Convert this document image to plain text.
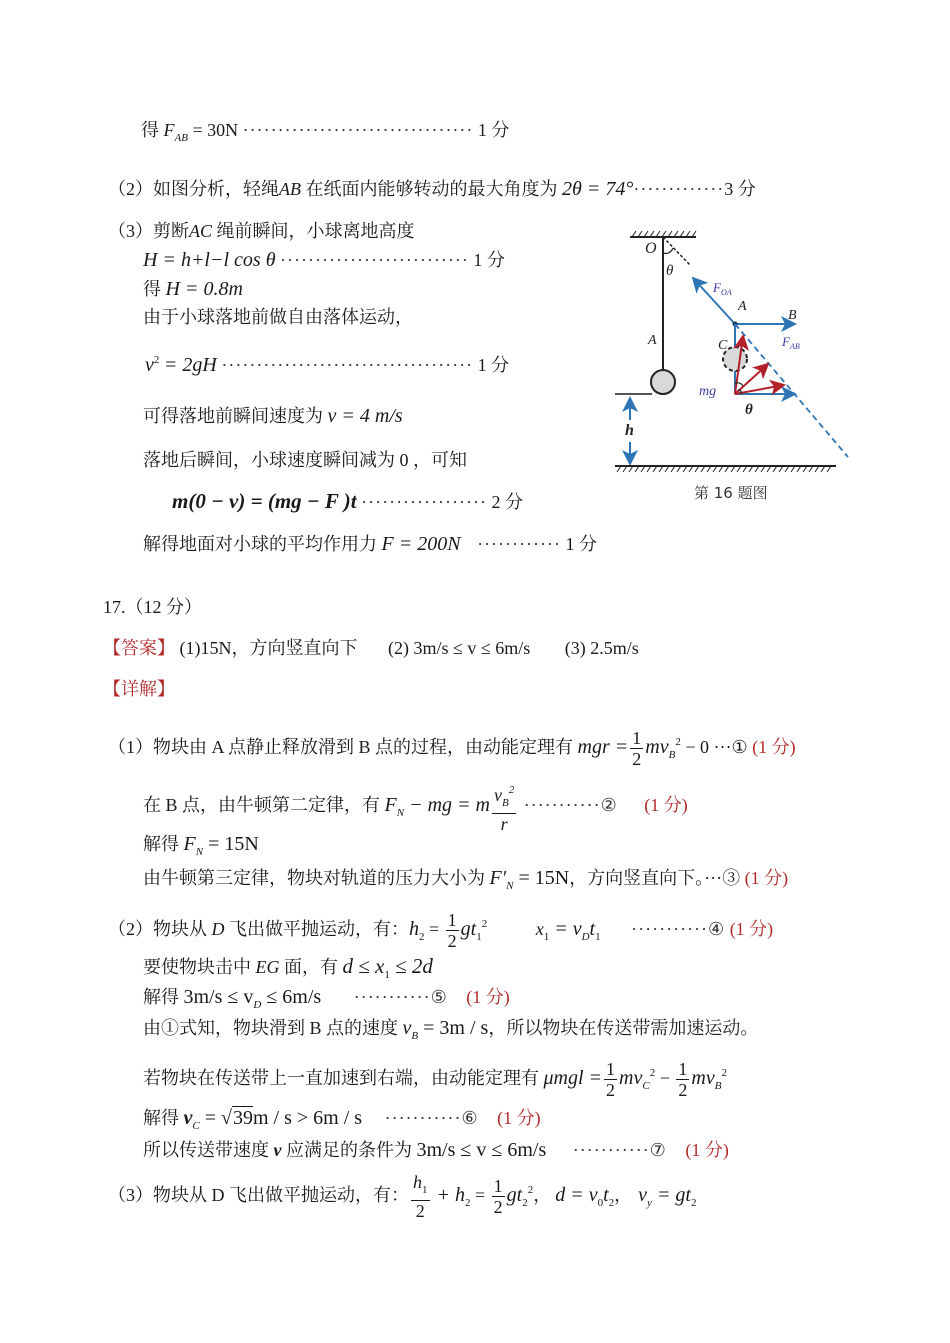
得 $F_{AB} = 30N$ ································· 1 分
（2）如图分析，轻绳AB 在纸面内能够转动的最大角度为 2θ = 74°·············3 分
（3）剪断AC 绳前瞬间，小球离地高度
H = h+l−l cos θ ··························· 1 分
得 H = 0.8m
由于小球落地前做自由落体运动，
$v^2 = 2gH$ ···································· 1 分
可得落地前瞬间速度为 v = 4 m/s
落地后瞬间，小球速度瞬间减为 0 ，可知
m(0 − v) = (mg − F )t ·················· 2 分
解得地面对小球的平均作用力 F = 200N ············ 1 分
O
θ
$F_{OA}$
A
B
$F_{AB}$
A	C
mg
θ
h
第 16 题图
17.（12 分）
【答案】 (1)15N，方向竖直向下 (2) 3m/s ≤ v ≤ 6m/s (3) 2.5m/s
【详解】
（1）物块由 A 点静止释放滑到 B 点的过程，由动能定理有 mgr = $\frac{1}{2} mv_B^2 - 0$ ···① (1 分)
在 B 点，由牛顿第二定律，有 $F_N$ − mg = m $\frac{v_B^2}{r}$ ···········② (1 分)
解得 $F_N = 15N$
由牛顿第三定律，物块对轨道的压力大小为 $F'_N = 15N$，方向竖直向下。···③ (1 分)
（2）物块从 D 飞出做平抛运动，有：$h_2 = \frac{1}{2} gt_1^2$	$x_1 = v_Dt_1$ ···········④ (1 分)
要使物块击中 EG 面，有 $d \le x_1 \le 2d$
解得 $3m/s \le v_D \le 6m/s$ ···········⑤ (1 分)
由①式知，物块滑到 B 点的速度 $v_B = 3m / s$，所以物块在传送带需加速运动。
若物块在传送带上一直加速到右端，由动能定理有 $\mu mgl = \frac{1}{2} mv_C^2 - \frac{1}{2} mv_B^2$
解得 $v_C = √39m / s > 6m / s$ ···········⑥ (1 分)
所以传送带速度 v 应满足的条件为 3m/s ≤ v ≤ 6m/s ···········⑦ (1 分)
（3）物块从 D 飞出做平抛运动，有： $\frac{h_1}{2} + h_2 = \frac{1}{2} gt_2^2$， $d = v_0t_2$， $v_y = gt_2$
